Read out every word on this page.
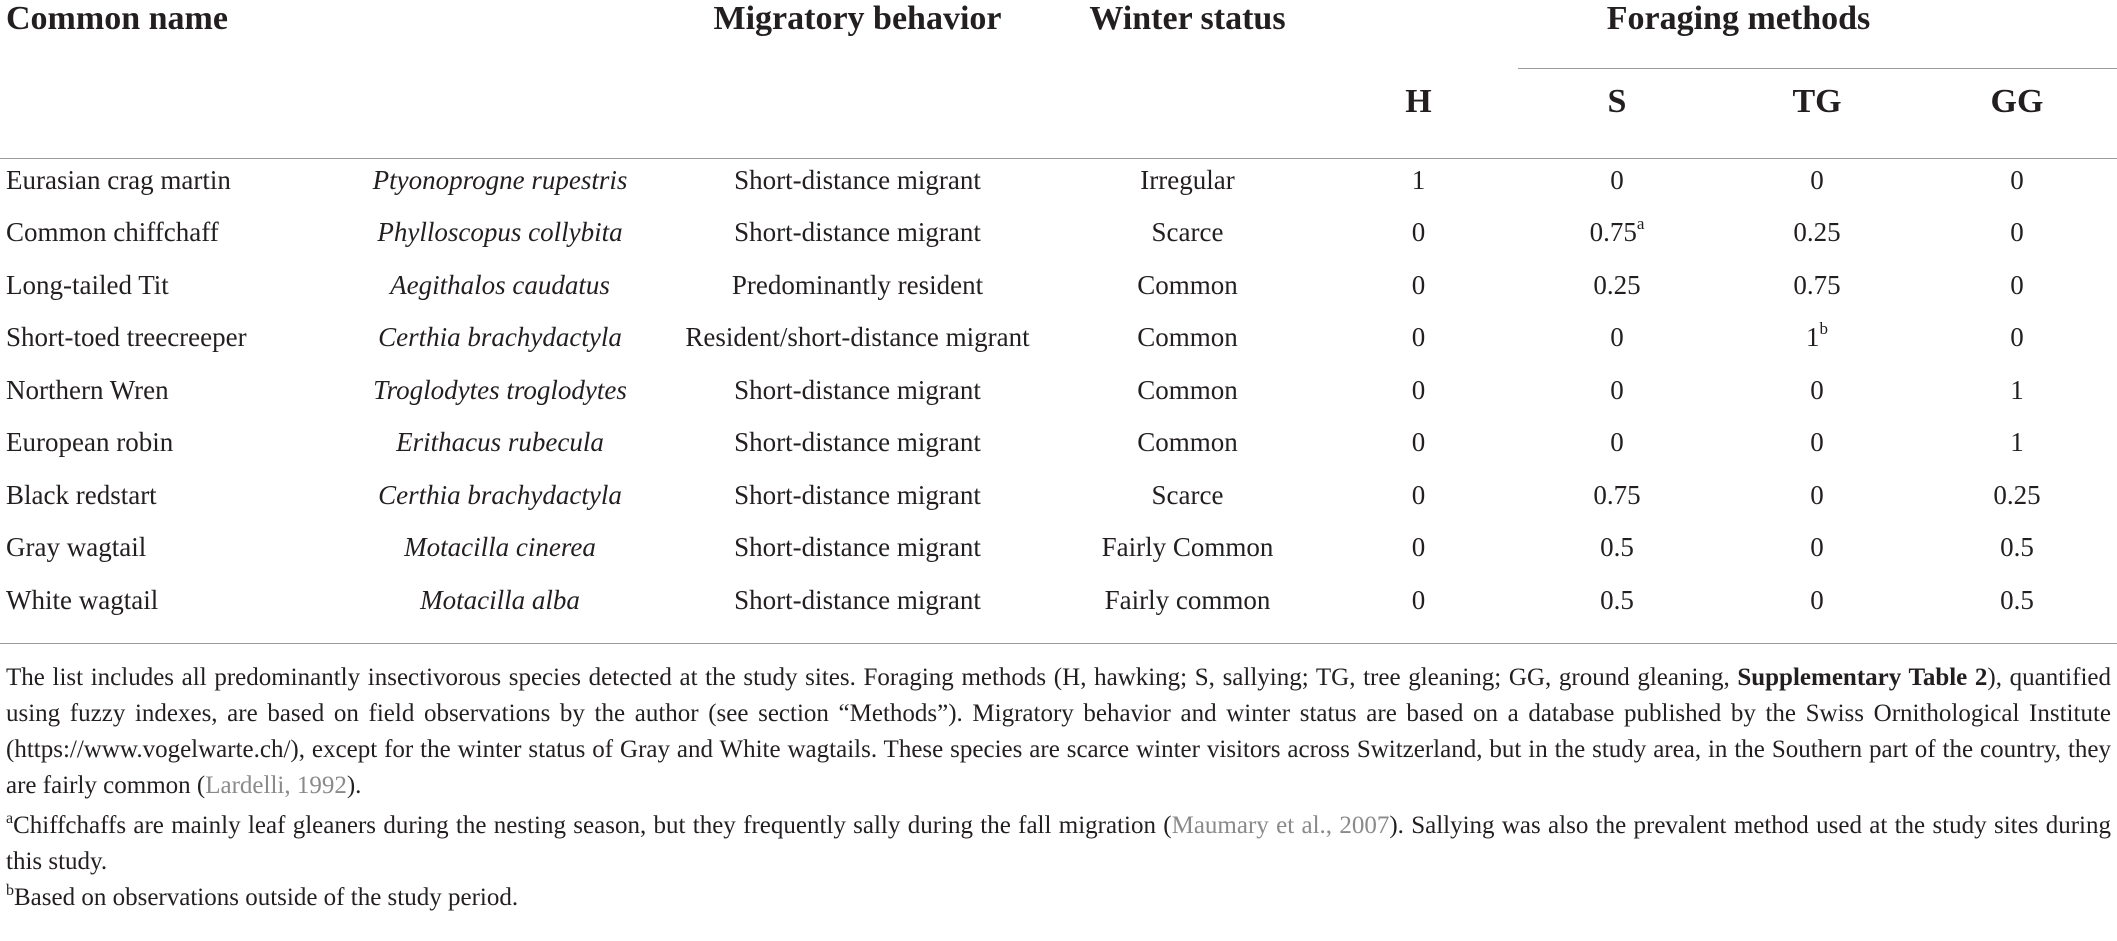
Common name		Migratory behavior	Winter status	Foraging methods			
				H	S	TG	GG
Eurasian crag martin	Ptyonoprogne rupestris	Short-distance migrant	Irregular	1	0	0	0
Common chiffchaff	Phylloscopus collybita	Short-distance migrant	Scarce	0	0.75$^a$	0.25	0
Long-tailed Tit	Aegithalos caudatus	Predominantly resident	Common	0	0.25	0.75	0
Short-toed treecreeper	Certhia brachydactyla	Resident/short-distance migrant	Common	0	0	1$^b$	0
Northern Wren	Troglodytes troglodytes	Short-distance migrant	Common	0	0	0	1
European robin	Erithacus rubecula	Short-distance migrant	Common	0	0	0	1
Black redstart	Certhia brachydactyla	Short-distance migrant	Scarce	0	0.75	0	0.25
Gray wagtail	Motacilla cinerea	Short-distance migrant	Fairly Common	0	0.5	0	0.5
White wagtail	Motacilla alba	Short-distance migrant	Fairly common	0	0.5	0	0.5

The list includes all predominantly insectivorous species detected at the study sites. Foraging methods (H, hawking; S, sallying; TG, tree gleaning; GG, ground gleaning, Supplementary Table 2), quantified using fuzzy indexes, are based on field observations by the author (see section “Methods”). Migratory behavior and winter status are based on a database published by the Swiss Ornithological Institute (https://www.vogelwarte.ch/), except for the winter status of Gray and White wagtails. These species are scarce winter visitors across Switzerland, but in the study area, in the Southern part of the country, they are fairly common (Lardelli, 1992).

$^a$Chiffchaffs are mainly leaf gleaners during the nesting season, but they frequently sally during the fall migration (Maumary et al., 2007). Sallying was also the prevalent method used at the study sites during this study.

$^b$Based on observations outside of the study period.
